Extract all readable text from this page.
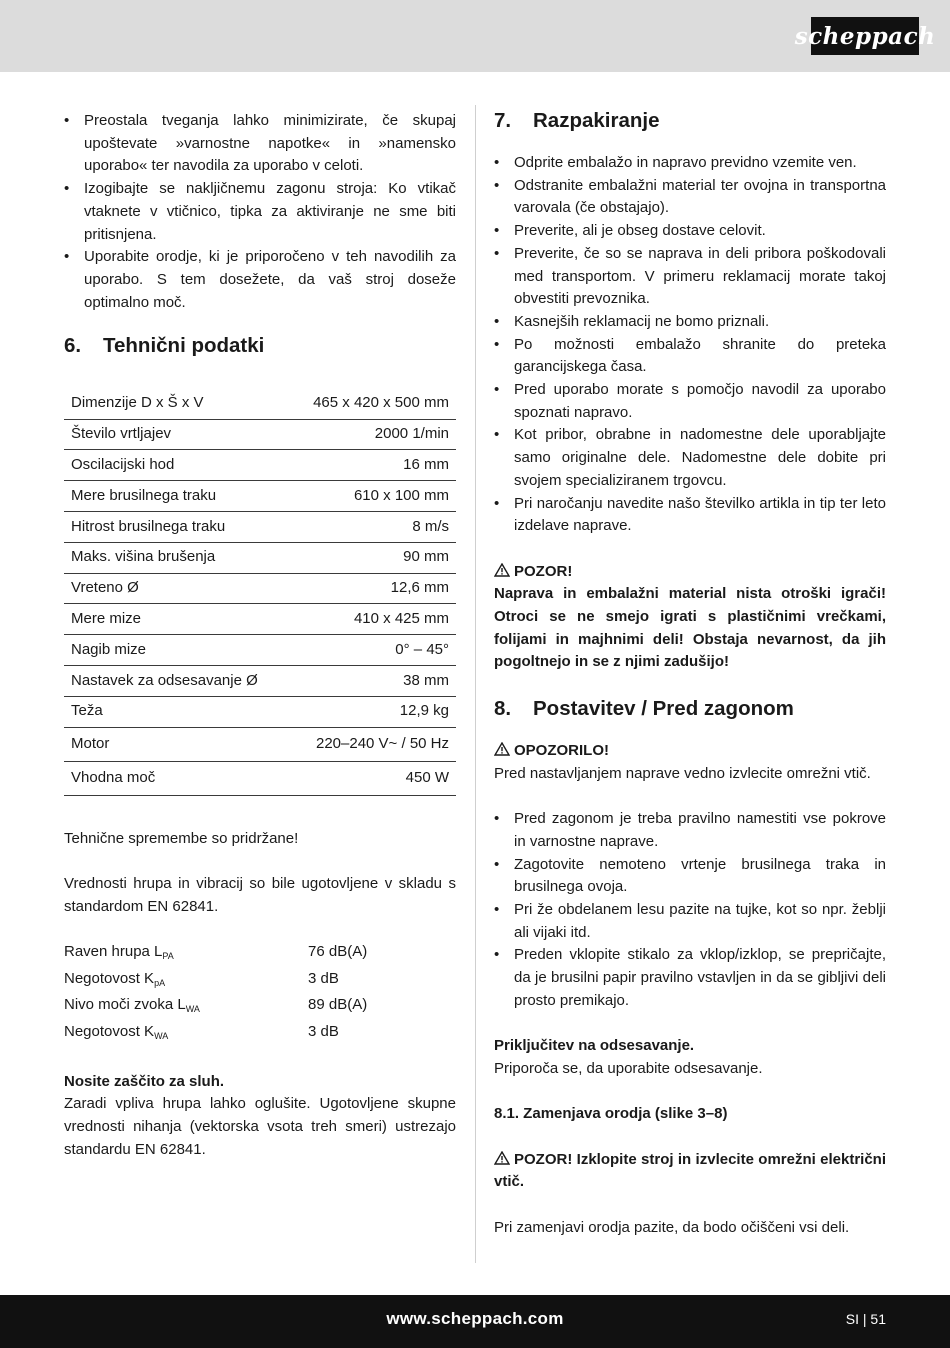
scheppach
• Preostala tveganja lahko minimizirate, če skupaj upoštevate »varnostne napotke« in »namensko uporabo« ter navodila za uporabo v celoti.
• Izogibajte se nakljičnemu zagonu stroja: Ko vtikač vtaknete v vtičnico, tipka za aktiviranje ne sme biti pritisnjena.
• Uporabite orodje, ki je priporočeno v teh navodilih za uporabo. S tem dosežete, da vaš stroj doseže optimalno moč.
6.	Tehnični podatki
Dimenzije D x Š x V	465 x 420 x 500 mm
Število vrtljajev	2000 1/min
Oscilacijski hod	16 mm
Mere brusilnega traku	610 x 100 mm
Hitrost brusilnega traku	8 m/s
Maks. višina brušenja	90 mm
Vreteno Ø	12,6 mm
Mere mize	410 x 425 mm
Nagib mize	0° – 45°
Nastavek za odsesavanje Ø	38 mm
Teža	12,9 kg
Motor	220–240 V~ / 50 Hz
Vhodna moč	450 W

Tehnične spremembe so pridržane!

Vrednosti hrupa in vibracij so bile ugotovljene v skladu s standardom EN 62841.

Raven hrupa $L_{PA}$	76 dB(A)
Negotovost $K_{pA}$	3 dB
Nivo moči zvoka $L_{WA}$	89 dB(A)
Negotovost $K_{WA}$	3 dB

Nosite zaščito za sluh.

Zaradi vpliva hrupa lahko oglušite. Ugotovljene skupne vrednosti nihanja (vektorska vsota treh smeri) ustrezajo standardu EN 62841.

7.	Razpakiranje
• Odprite embalažo in napravo previdno vzemite ven.
• Odstranite embalažni material ter ovojna in transportna varovala (če obstajajo).
• Preverite, ali je obseg dostave celovit.
• Preverite, če so se naprava in deli pribora poškodovali med transportom. V primeru reklamacij morate takoj obvestiti prevoznika.
• Kasnejših reklamacij ne bomo priznali.
• Po možnosti embalažo shranite do preteka garancijskega časa.
• Pred uporabo morate s pomočjo navodil za uporabo spoznati napravo.
• Kot pribor, obrabne in nadomestne dele uporabljajte samo originalne dele. Nadomestne dele dobite pri svojem specializiranem trgovcu.
• Pri naročanju navedite našo številko artikla in tip ter leto izdelave naprave.

POZOR!

Naprava in embalažni material nista otroški igrači! Otroci se ne smejo igrati s plastičnimi vrečkami, folijami in majhnimi deli! Obstaja nevarnost, da jih pogoltnejo in se z njimi zadušijo!

8.	Postavitev / Pred zagonom

OPOZORILO!

Pred nastavljanjem naprave vedno izvlecite omrežni vtič.

• Pred zagonom je treba pravilno namestiti vse pokrove in varnostne naprave.
• Zagotovite nemoteno vrtenje brusilnega traka in brusilnega ovoja.
• Pri že obdelanem lesu pazite na tujke, kot so npr. žeblji ali vijaki itd.
• Preden vklopite stikalo za vklop/izklop, se prepričajte, da je brusilni papir pravilno vstavljen in da se gibljivi deli prosto premikajo.

Priključitev na odsesavanje.

Priporoča se, da uporabite odsesavanje.

8.1. Zamenjava orodja (slike 3–8)

POZOR! Izklopite stroj in izvlecite omrežni električni vtič.

Pri zamenjavi orodja pazite, da bodo očiščeni vsi deli.

www.scheppach.com	SI | 51
